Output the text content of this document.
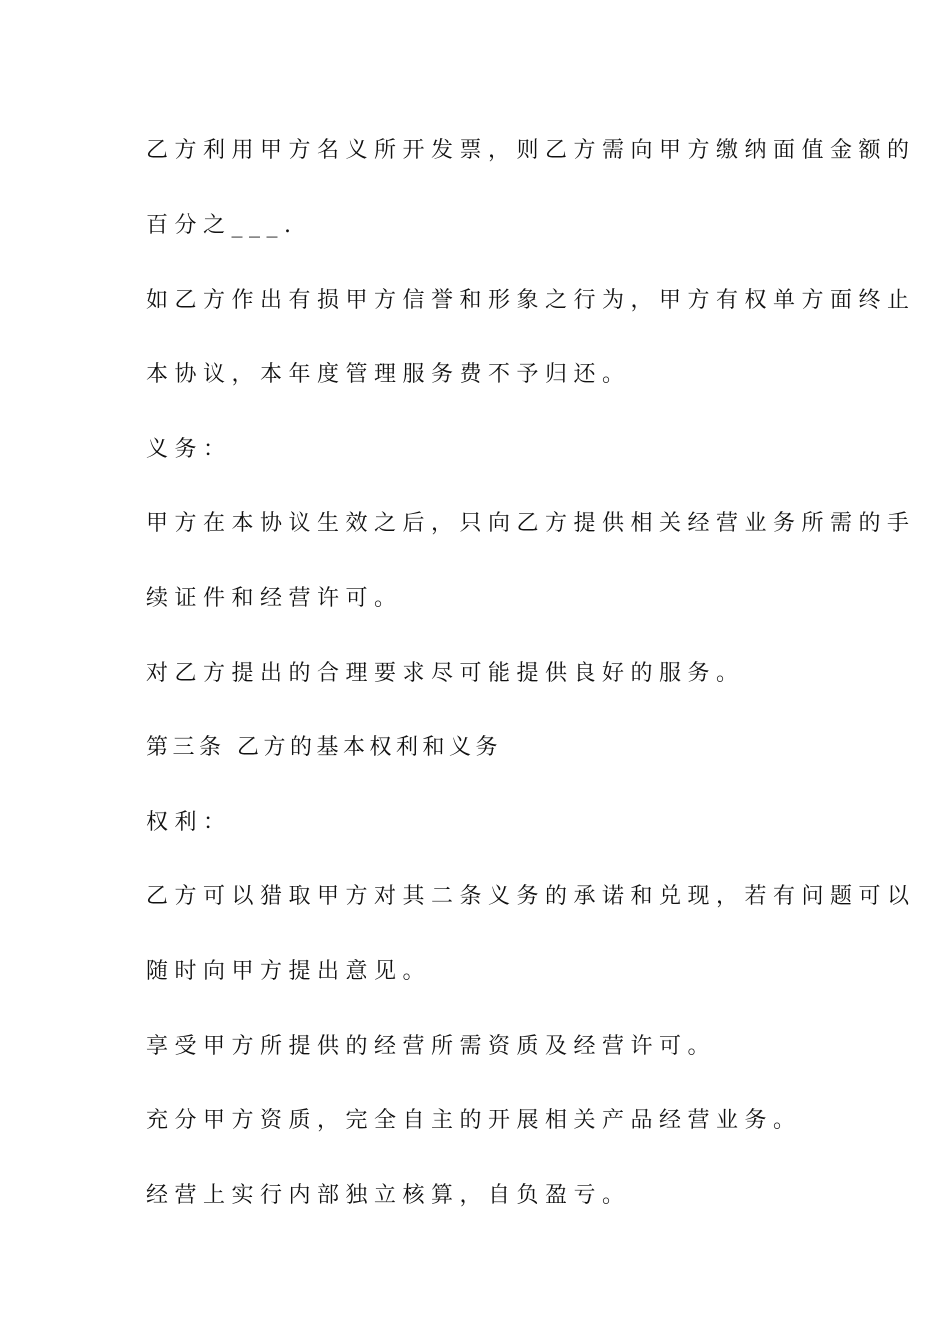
乙方利用甲方名义所开发票，则乙方需向甲方缴纳面值金额的
百分之___.
如乙方作出有损甲方信誉和形象之行为，甲方有权单方面终止
本协议，本年度管理服务费不予归还。
义务：
甲方在本协议生效之后，只向乙方提供相关经营业务所需的手
续证件和经营许可。
对乙方提出的合理要求尽可能提供良好的服务。
第三条 乙方的基本权利和义务
权利：
乙方可以猎取甲方对其二条义务的承诺和兑现，若有问题可以
随时向甲方提出意见。
享受甲方所提供的经营所需资质及经营许可。
充分甲方资质，完全自主的开展相关产品经营业务。
经营上实行内部独立核算，自负盈亏。
